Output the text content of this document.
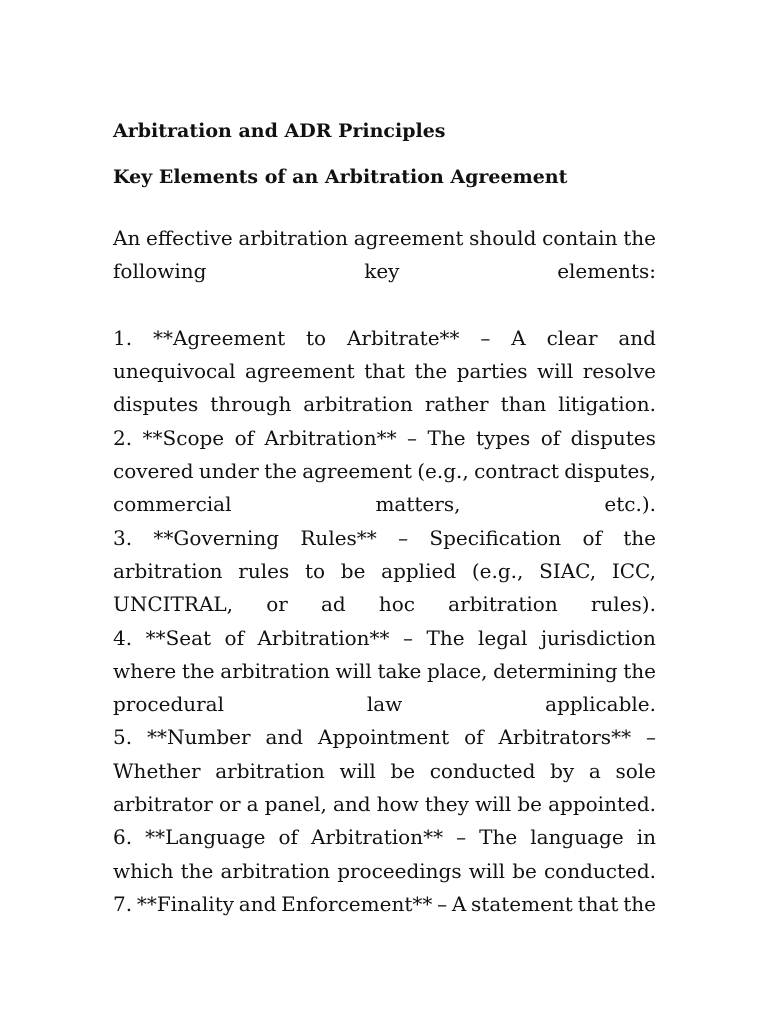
Arbitration and ADR Principles
Key Elements of an Arbitration Agreement
An effective arbitration agreement should contain the
following	key	elements:
1. **Agreement to Arbitrate** – A clear and
unequivocal agreement that the parties will resolve
disputes through arbitration rather than litigation.
2. **Scope of Arbitration** – The types of disputes
covered under the agreement (e.g., contract disputes,
commercial	matters,	etc.).
3. **Governing Rules** – Specification of the
arbitration rules to be applied (e.g., SIAC, ICC,
UNCITRAL, or ad hoc arbitration rules).
4. **Seat of Arbitration** – The legal jurisdiction
where the arbitration will take place, determining the
procedural	law	applicable.
5. **Number and Appointment of Arbitrators** –
Whether arbitration will be conducted by a sole
arbitrator or a panel, and how they will be appointed.
6. **Language of Arbitration** – The language in
which the arbitration proceedings will be conducted.
7. **Finality and Enforcement** – A statement that the
